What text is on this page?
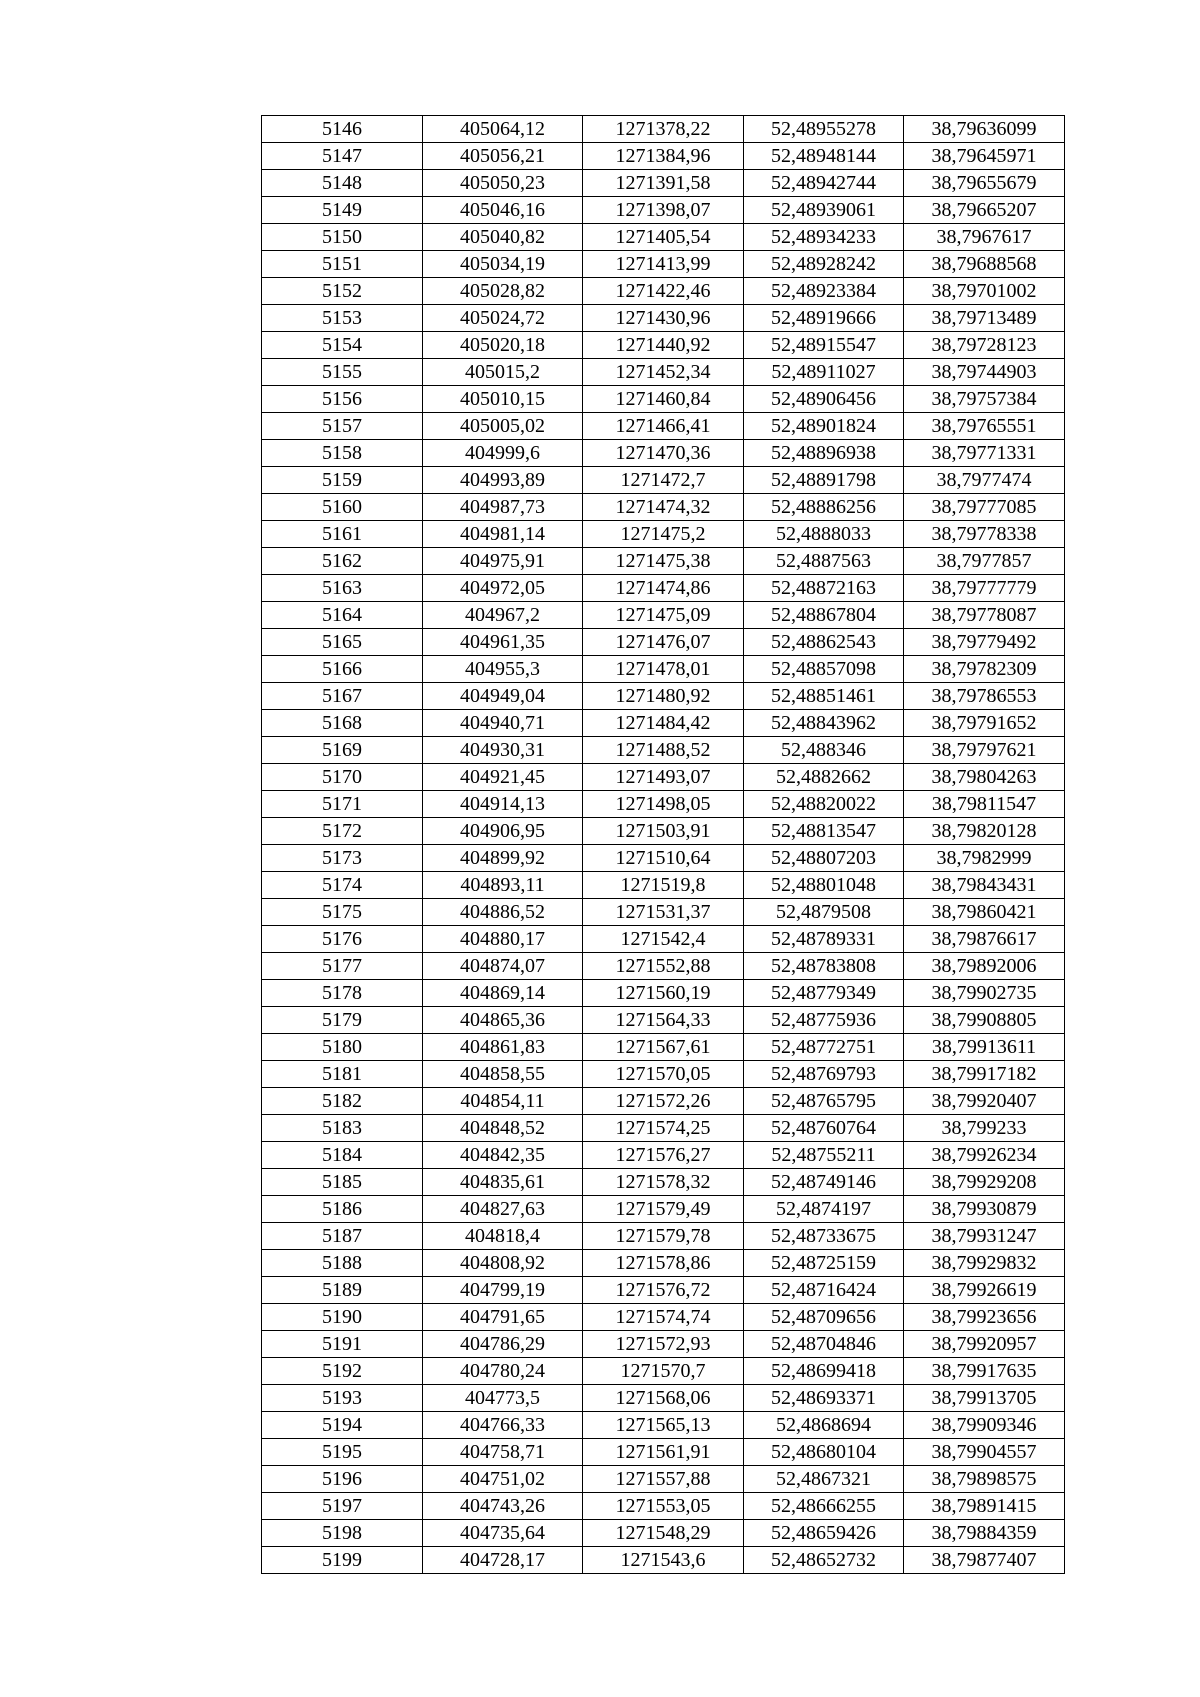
5146	405064,12	1271378,22	52,48955278	38,79636099
5147	405056,21	1271384,96	52,48948144	38,79645971
5148	405050,23	1271391,58	52,48942744	38,79655679
5149	405046,16	1271398,07	52,48939061	38,79665207
5150	405040,82	1271405,54	52,48934233	38,7967617
5151	405034,19	1271413,99	52,48928242	38,79688568
5152	405028,82	1271422,46	52,48923384	38,79701002
5153	405024,72	1271430,96	52,48919666	38,79713489
5154	405020,18	1271440,92	52,48915547	38,79728123
5155	405015,2	1271452,34	52,48911027	38,79744903
5156	405010,15	1271460,84	52,48906456	38,79757384
5157	405005,02	1271466,41	52,48901824	38,79765551
5158	404999,6	1271470,36	52,48896938	38,79771331
5159	404993,89	1271472,7	52,48891798	38,7977474
5160	404987,73	1271474,32	52,48886256	38,79777085
5161	404981,14	1271475,2	52,4888033	38,79778338
5162	404975,91	1271475,38	52,4887563	38,7977857
5163	404972,05	1271474,86	52,48872163	38,79777779
5164	404967,2	1271475,09	52,48867804	38,79778087
5165	404961,35	1271476,07	52,48862543	38,79779492
5166	404955,3	1271478,01	52,48857098	38,79782309
5167	404949,04	1271480,92	52,48851461	38,79786553
5168	404940,71	1271484,42	52,48843962	38,79791652
5169	404930,31	1271488,52	52,488346	38,79797621
5170	404921,45	1271493,07	52,4882662	38,79804263
5171	404914,13	1271498,05	52,48820022	38,79811547
5172	404906,95	1271503,91	52,48813547	38,79820128
5173	404899,92	1271510,64	52,48807203	38,7982999
5174	404893,11	1271519,8	52,48801048	38,79843431
5175	404886,52	1271531,37	52,4879508	38,79860421
5176	404880,17	1271542,4	52,48789331	38,79876617
5177	404874,07	1271552,88	52,48783808	38,79892006
5178	404869,14	1271560,19	52,48779349	38,79902735
5179	404865,36	1271564,33	52,48775936	38,79908805
5180	404861,83	1271567,61	52,48772751	38,79913611
5181	404858,55	1271570,05	52,48769793	38,79917182
5182	404854,11	1271572,26	52,48765795	38,79920407
5183	404848,52	1271574,25	52,48760764	38,799233
5184	404842,35	1271576,27	52,48755211	38,79926234
5185	404835,61	1271578,32	52,48749146	38,79929208
5186	404827,63	1271579,49	52,4874197	38,79930879
5187	404818,4	1271579,78	52,48733675	38,79931247
5188	404808,92	1271578,86	52,48725159	38,79929832
5189	404799,19	1271576,72	52,48716424	38,79926619
5190	404791,65	1271574,74	52,48709656	38,79923656
5191	404786,29	1271572,93	52,48704846	38,79920957
5192	404780,24	1271570,7	52,48699418	38,79917635
5193	404773,5	1271568,06	52,48693371	38,79913705
5194	404766,33	1271565,13	52,4868694	38,79909346
5195	404758,71	1271561,91	52,48680104	38,79904557
5196	404751,02	1271557,88	52,4867321	38,79898575
5197	404743,26	1271553,05	52,48666255	38,79891415
5198	404735,64	1271548,29	52,48659426	38,79884359
5199	404728,17	1271543,6	52,48652732	38,79877407
